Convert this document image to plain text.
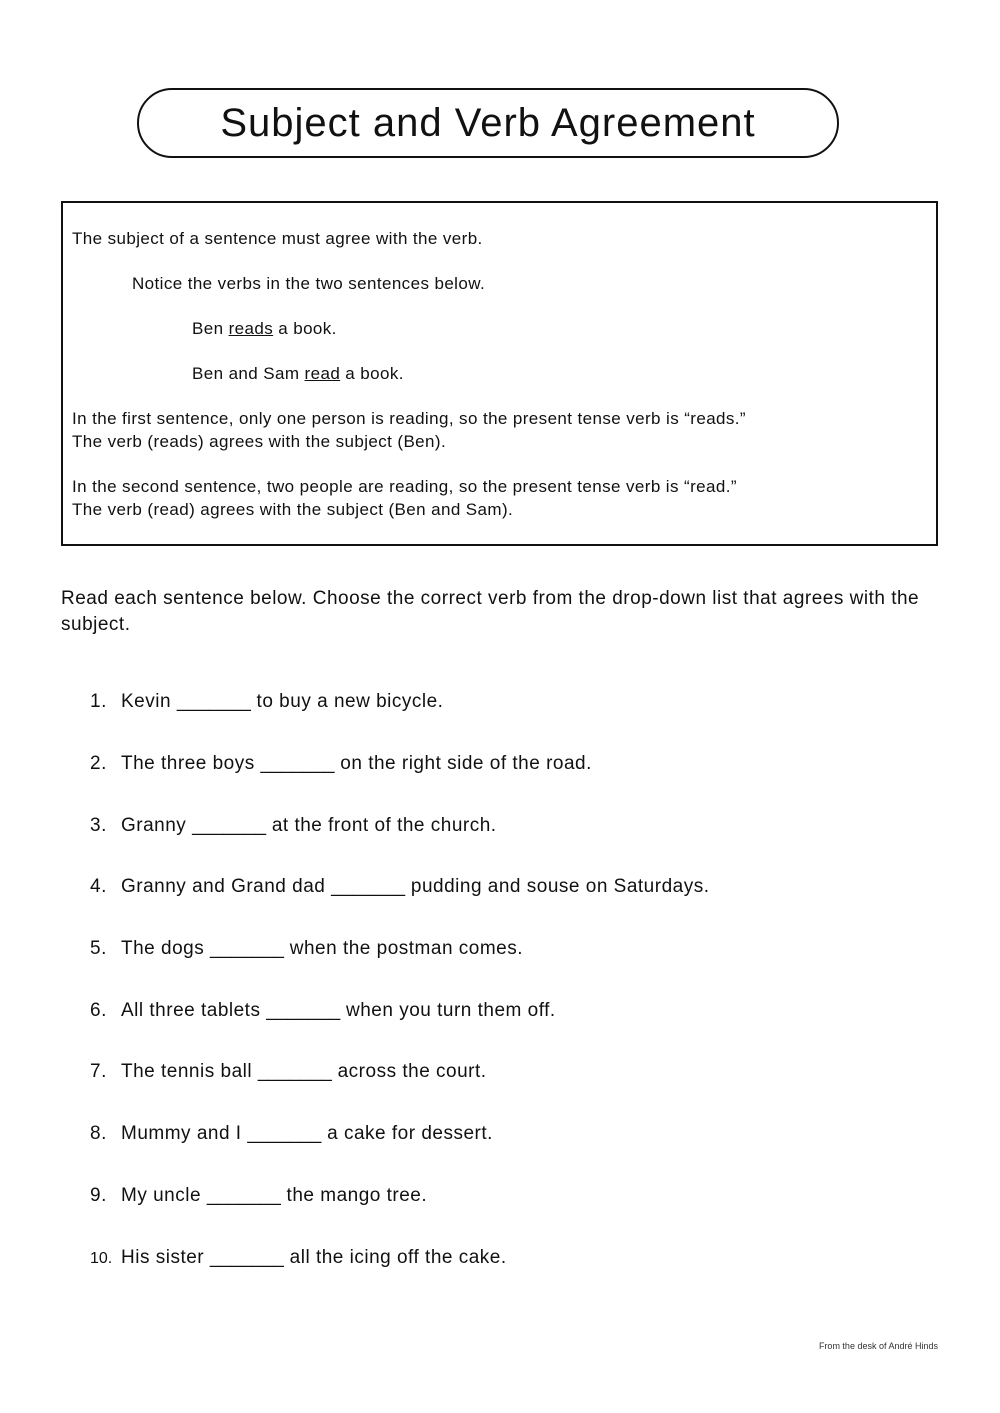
Subject and Verb Agreement
The subject of a sentence must agree with the verb.
Notice the verbs in the two sentences below.
Ben reads a book.
Ben and Sam read a book.
In the first sentence, only one person is reading, so the present tense verb is “reads.”
The verb (reads) agrees with the subject (Ben).
In the second sentence, two people are reading, so the present tense verb is “read.”
The verb (read) agrees with the subject (Ben and Sam).
Read each sentence below. Choose the correct verb from the drop-down list that agrees with the subject.
1. Kevin _______ to buy a new bicycle.
2. The three boys _______ on the right side of the road.
3. Granny _______ at the front of the church.
4. Granny and Grand dad _______ pudding and souse on Saturdays.
5. The dogs _______ when the postman comes.
6. All three tablets _______ when you turn them off.
7. The tennis ball _______ across the court.
8. Mummy and I _______ a cake for dessert.
9. My uncle _______ the mango tree.
10. His sister _______ all the icing off the cake.
From the desk of André Hinds
